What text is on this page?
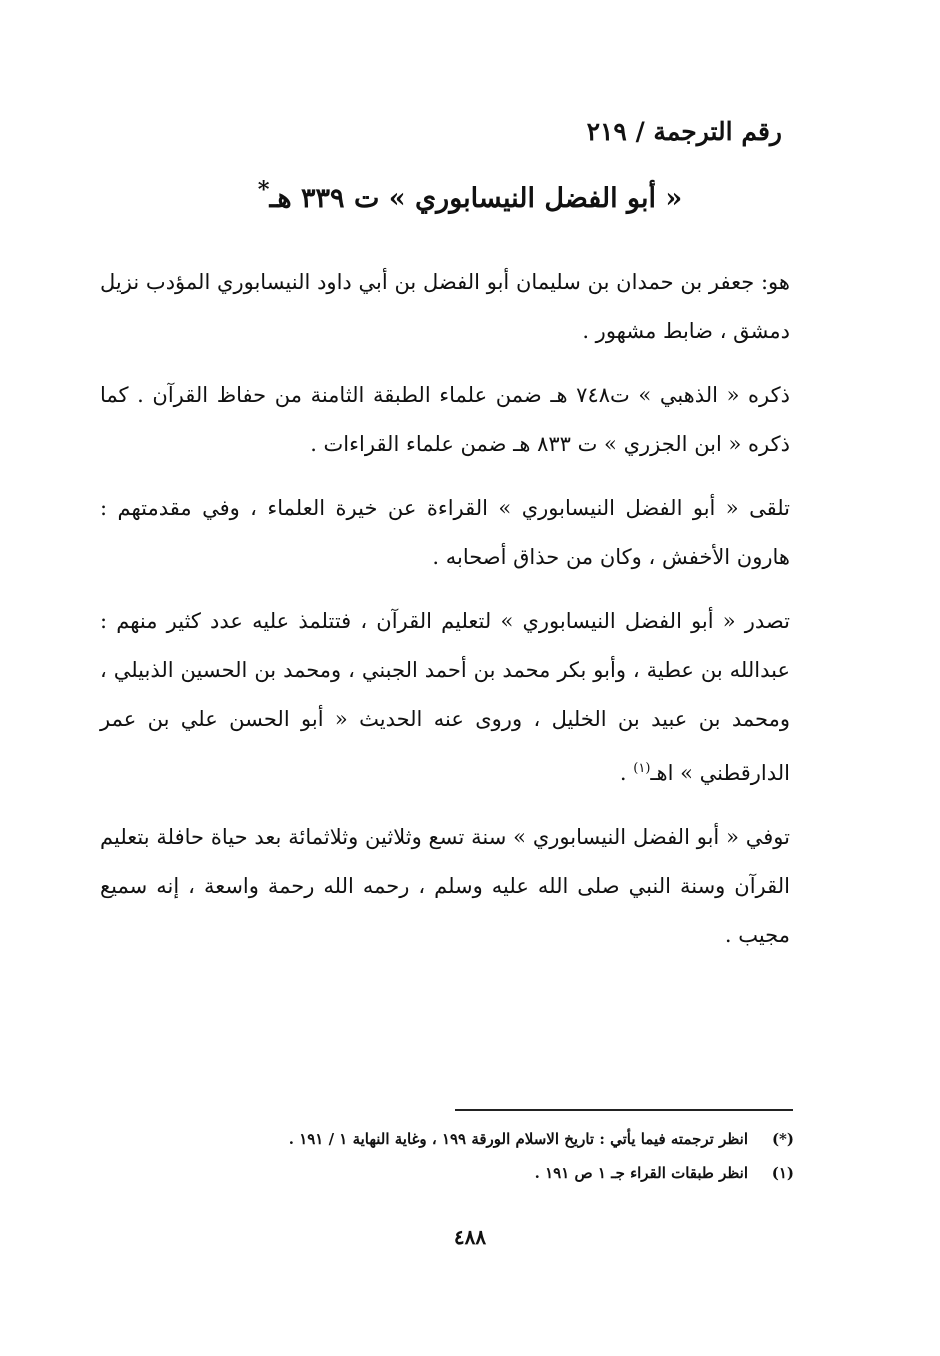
رقم الترجمة / ٢١٩
« أبو الفضل النيسابوري » ت ٣٣٩ هـ*

هو: جعفر بن حمدان بن سليمان أبو الفضل بن أبي داود النيسابوري المؤدب نزيل دمشق ، ضابط مشهور .

ذكره « الذهبي » ت٧٤٨ هـ ضمن علماء الطبقة الثامنة من حفاظ القرآن . كما ذكره « ابن الجزري » ت ٨٣٣ هـ ضمن علماء القراءات .

تلقى « أبو الفضل النيسابوري » القراءة عن خيرة العلماء ، وفي مقدمتهم : هارون الأخفش ، وكان من حذاق أصحابه .

تصدر « أبو الفضل النيسابوري » لتعليم القرآن ، فتتلمذ عليه عدد كثير منهم : عبدالله بن عطية ، وأبو بكر محمد بن أحمد الجبني ، ومحمد بن الحسين الذبيلي ، ومحمد بن عبيد بن الخليل ، وروى عنه الحديث « أبو الحسن علي بن عمر الدارقطني » اهـ$^{(١)}$ .

توفي « أبو الفضل النيسابوري » سنة تسع وثلاثين وثلاثمائة بعد حياة حافلة بتعليم القرآن وسنة النبي صلى الله عليه وسلم ، رحمه الله رحمة واسعة ، إنه سميع مجيب .

(*)
انظر ترجمته فيما يأتي : تاريخ الاسلام الورقة ١٩٩ ، وغاية النهاية ١ / ١٩١ .
(١)
انظر طبقات القراء جـ ١ ص ١٩١ .
٤٨٨
